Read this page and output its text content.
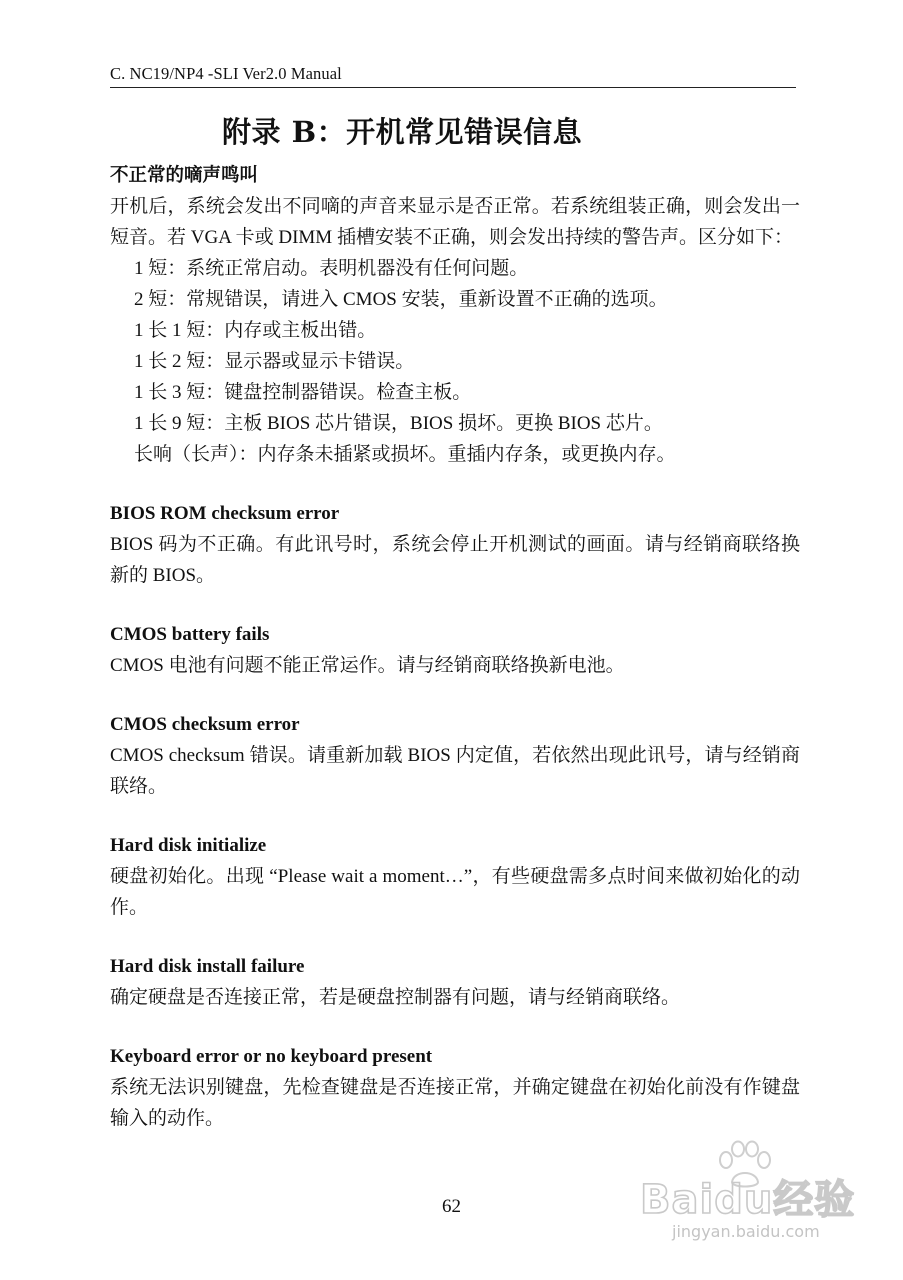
C. NC19/NP4 -SLI Ver2.0 Manual
附录 B：开机常见错误信息
不正常的嘀声鸣叫

开机后，系统会发出不同嘀的声音来显示是否正常。若系统组装正确，则会发出一短音。若 VGA 卡或 DIMM 插槽安装不正确，则会发出持续的警告声。区分如下：

1 短：系统正常启动。表明机器没有任何问题。
2 短：常规错误，请进入 CMOS 安装，重新设置不正确的选项。
1 长 1 短：内存或主板出错。
1 长 2 短：显示器或显示卡错误。
1 长 3 短：键盘控制器错误。检查主板。
1 长 9 短：主板 BIOS 芯片错误，BIOS 损坏。更换 BIOS 芯片。
长响（长声）：内存条未插紧或损坏。重插内存条，或更换内存。
BIOS ROM checksum error

BIOS 码为不正确。有此讯号时，系统会停止开机测试的画面。请与经销商联络换新的 BIOS。

CMOS battery fails

CMOS 电池有问题不能正常运作。请与经销商联络换新电池。

CMOS checksum error

CMOS checksum 错误。请重新加载 BIOS 内定值，若依然出现此讯号，请与经销商联络。

Hard disk initialize

硬盘初始化。出现 “Please wait a moment…”，有些硬盘需多点时间来做初始化的动作。

Hard disk install failure

确定硬盘是否连接正常，若是硬盘控制器有问题，请与经销商联络。

Keyboard error or no keyboard present

系统无法识别键盘，先检查键盘是否连接正常，并确定键盘在初始化前没有作键盘输入的动作。

62	Baidu经验
jingyan.baidu.com
